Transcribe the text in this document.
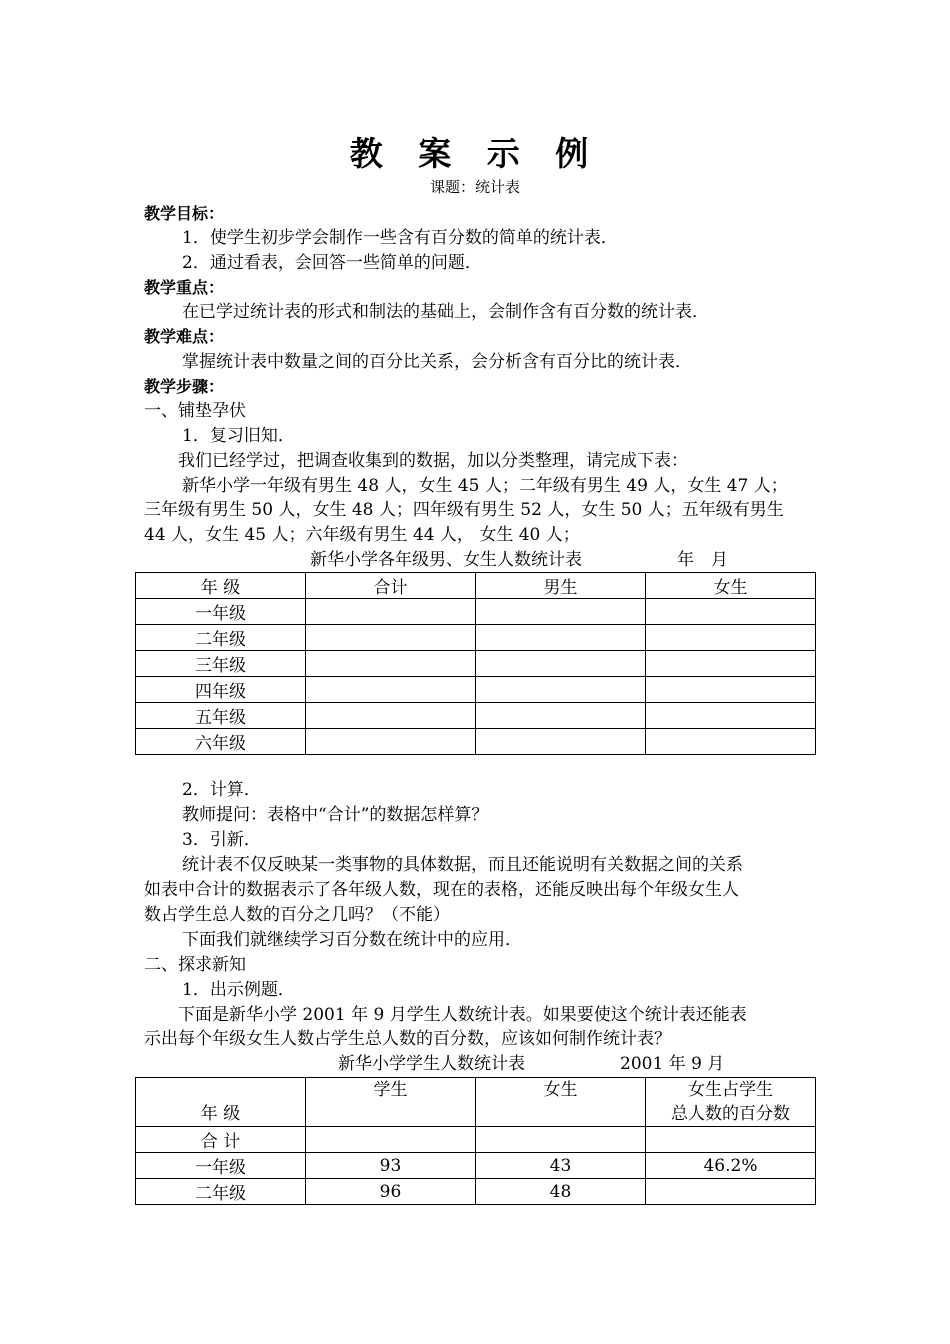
教 案 示 例
课题：统计表
教学目标：
1．使学生初步学会制作一些含有百分数的简单的统计表．
2．通过看表，会回答一些简单的问题．
教学重点：
在已学过统计表的形式和制法的基础上，会制作含有百分数的统计表．
教学难点：
掌握统计表中数量之间的百分比关系，会分析含有百分比的统计表．
教学步骤：
一、铺垫孕伏
1．复习旧知．
我们已经学过，把调查收集到的数据，加以分类整理，请完成下表：
新华小学一年级有男生 48 人，女生 45 人；二年级有男生 49 人，女生 47 人；
三年级有男生 50 人，女生 48 人；四年级有男生 52 人，女生 50 人；五年级有男生
44 人，女生 45 人；六年级有男生 44 人， 女生 40 人；
新华小学各年级男、女生人数统计表	年　月
年 级	合计	男生	女生
一年级			
二年级			
三年级			
四年级			
五年级			
六年级			
2．计算．
教师提问：表格中“合计”的数据怎样算？
3．引新．
统计表不仅反映某一类事物的具体数据，而且还能说明有关数据之间的关系
如表中合计的数据表示了各年级人数，现在的表格，还能反映出每个年级女生人
数占学生总人数的百分之几吗？（不能）
下面我们就继续学习百分数在统计中的应用．
二、探求新知
1．出示例题．
下面是新华小学 2001 年 9 月学生人数统计表。如果要使这个统计表还能表
示出每个年级女生人数占学生总人数的百分数，应该如何制作统计表？
新华小学学生人数统计表	2001 年 9 月
年 级	学生	女生	女生占学生
总人数的百分数

合 计			
一年级	93	43	46.2%
二年级	96	48	
